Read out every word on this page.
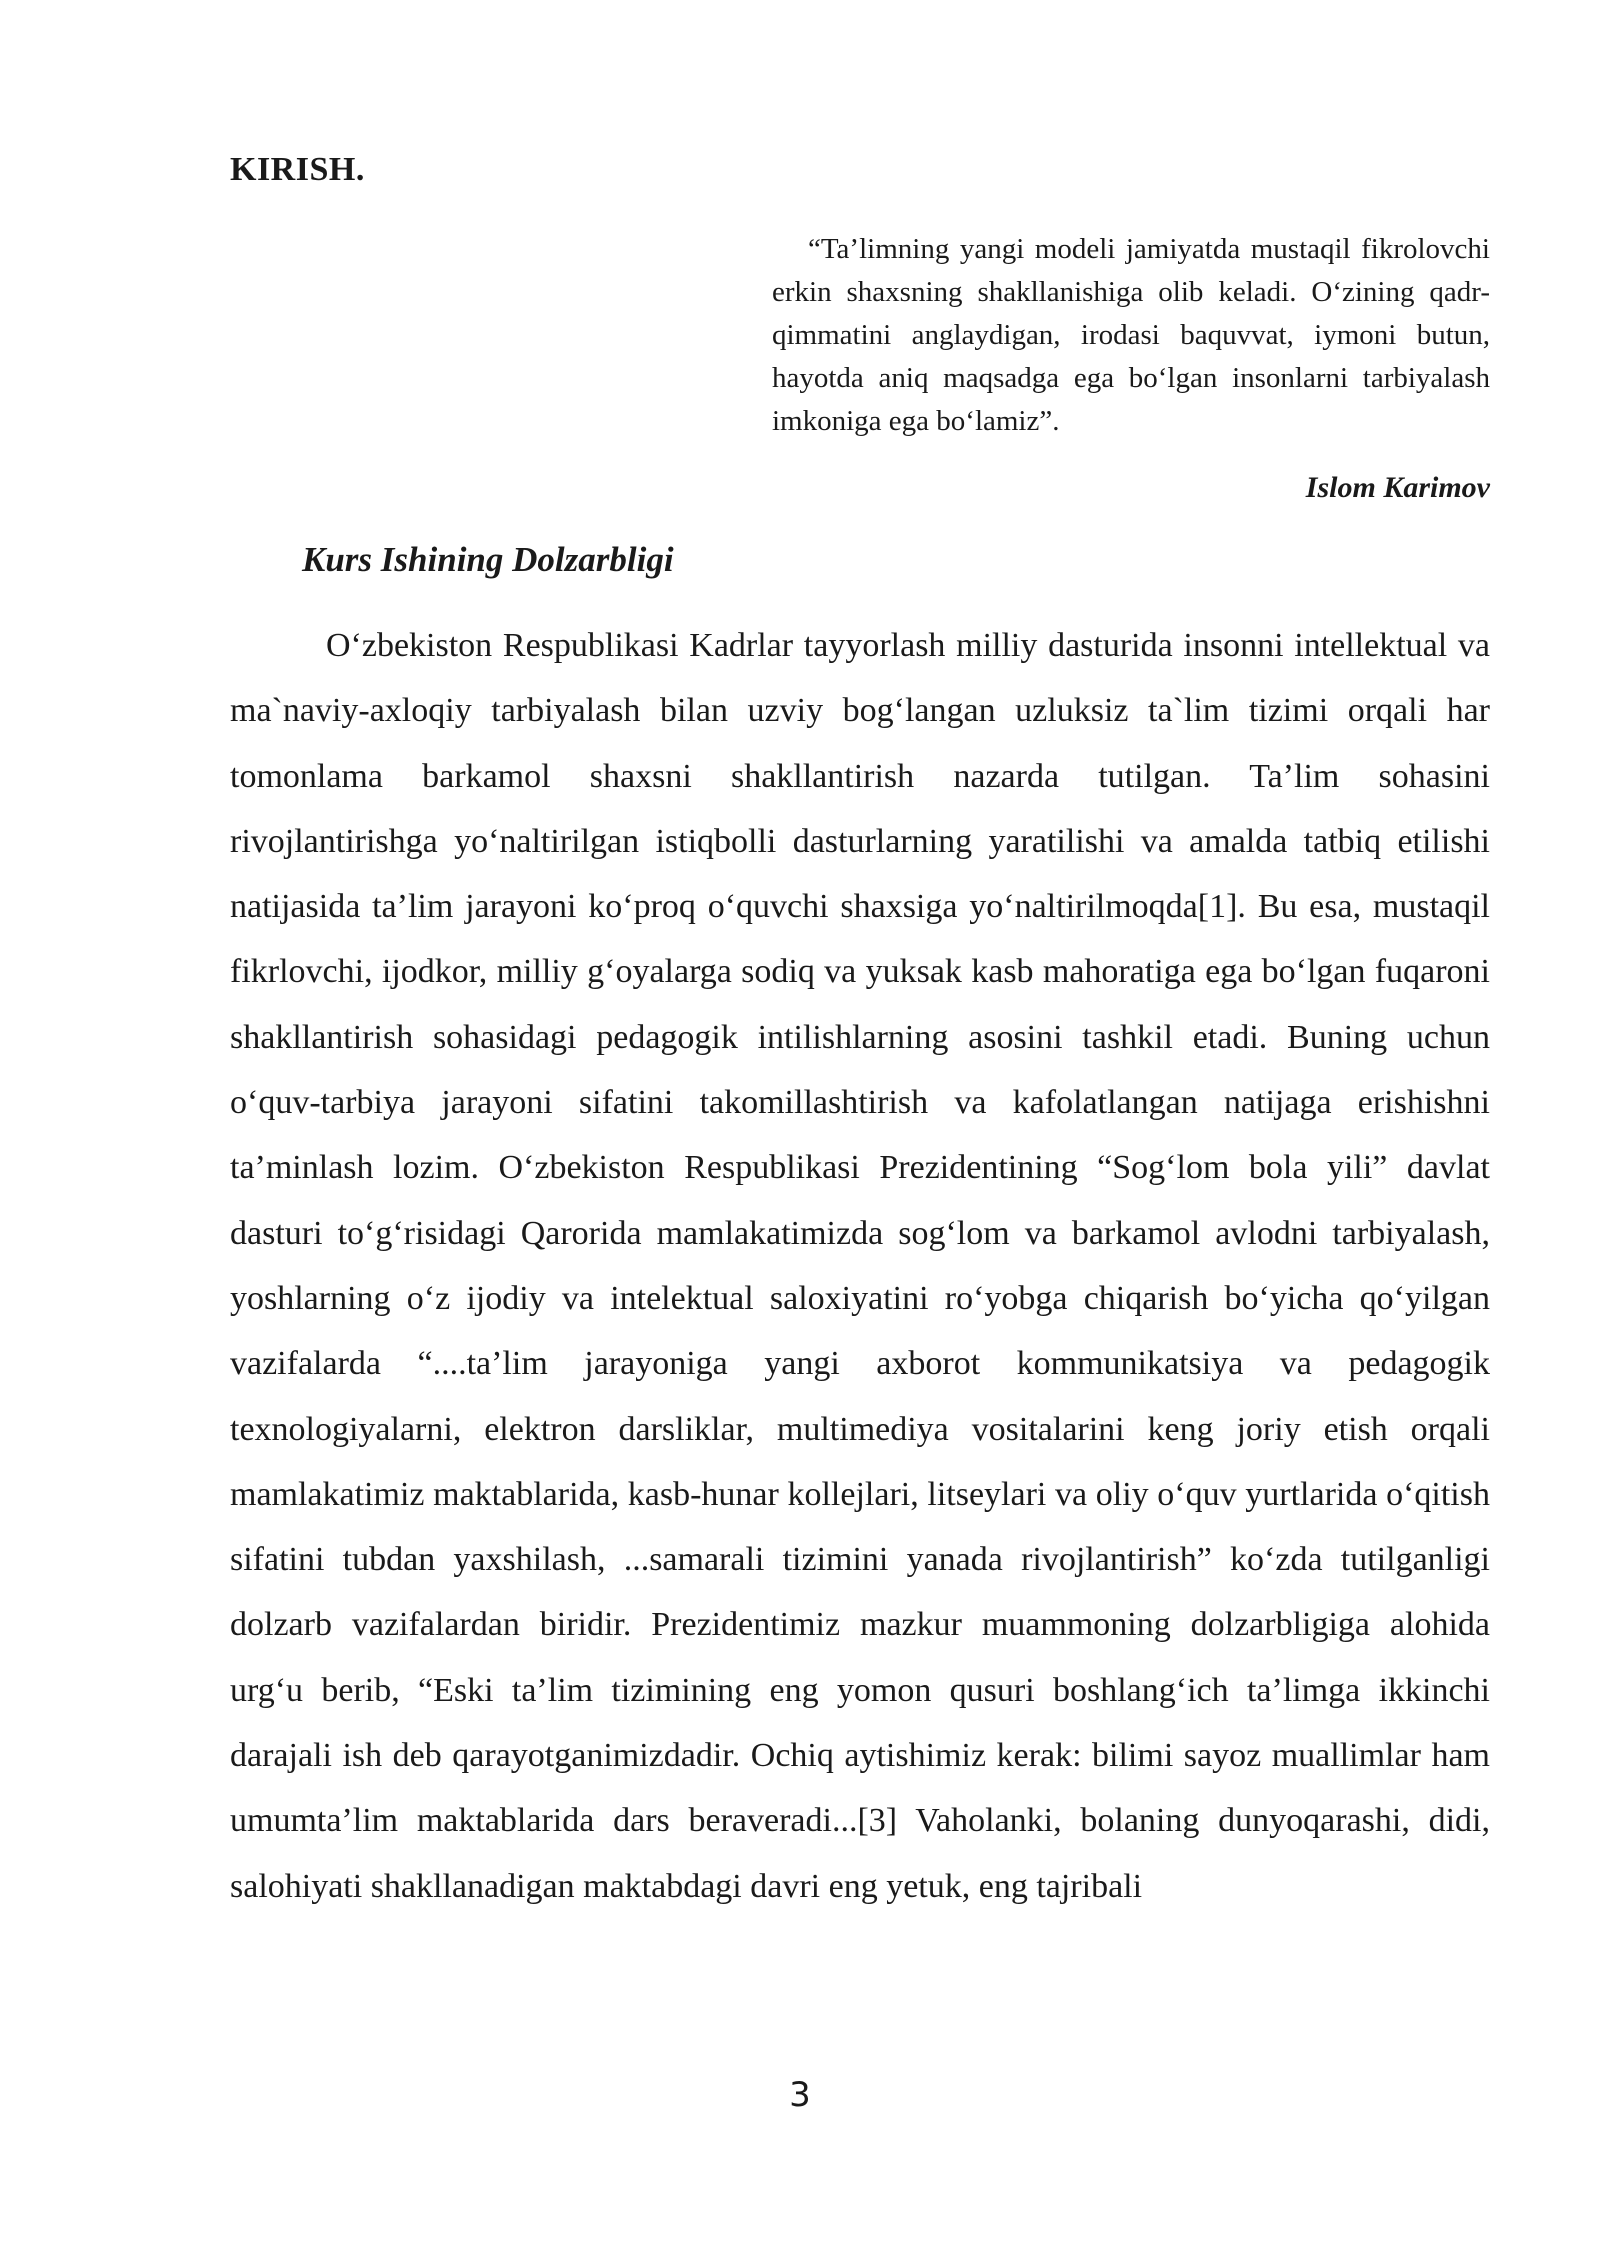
KIRISH.

“Ta’limning yangi modeli jamiyatda mustaqil fikrolovchi erkin shaxsning shakllanishiga olib keladi. O‘zining qadr-qimmatini anglaydigan, irodasi baquvvat, iymoni butun, hayotda aniq maqsadga ega bo‘lgan insonlarni tarbiyalash imkoniga ega bo‘lamiz”.

Islom Karimov

Kurs Ishining Dolzarbligi

O‘zbekiston Respublikasi Kadrlar tayyorlash milliy dasturida insonni intellektual va ma`naviy-axloqiy tarbiyalash bilan uzviy bog‘langan uzluksiz ta`lim tizimi orqali har tomonlama barkamol shaxsni shakllantirish nazarda tutilgan. Ta’lim sohasini rivojlantirishga yo‘naltirilgan istiqbolli dasturlarning yaratilishi va amalda tatbiq etilishi natijasida ta’lim jarayoni ko‘proq o‘quvchi shaxsiga yo‘naltirilmoqda[1]. Bu esa, mustaqil fikrlovchi, ijodkor, milliy g‘oyalarga sodiq va yuksak kasb mahoratiga ega bo‘lgan fuqaroni shakllantirish sohasidagi pedagogik intilishlarning asosini tashkil etadi. Buning uchun o‘quv-tarbiya jarayoni sifatini takomillashtirish va kafolatlangan natijaga erishishni ta’minlash lozim. O‘zbekiston Respublikasi Prezidentining “Sog‘lom bola yili” davlat dasturi to‘g‘risidagi Qarorida mamlakatimizda sog‘lom va barkamol avlodni tarbiyalash, yoshlarning o‘z ijodiy va intelektual saloxiyatini ro‘yobga chiqarish bo‘yicha qo‘yilgan vazifalarda “....ta’lim jarayoniga yangi axborot kommunikatsiya va pedagogik texnologiyalarni, elektron darsliklar, multimediya vositalarini keng joriy etish orqali mamlakatimiz maktablarida, kasb-hunar kollejlari, litseylari va oliy o‘quv yurtlarida o‘qitish sifatini tubdan yaxshilash, ...samarali tizimini yanada rivojlantirish” ko‘zda tutilganligi dolzarb vazifalardan biridir. Prezidentimiz mazkur muammoning dolzarbligiga alohida urg‘u berib, “Eski ta’lim tizimining eng yomon qusuri boshlang‘ich ta’limga ikkinchi darajali ish deb qarayotganimizdadir. Ochiq aytishimiz kerak: bilimi sayoz muallimlar ham umumta’lim maktablarida dars beraveradi...[3] Vaholanki, bolaning dunyoqarashi, didi, salohiyati shakllanadigan maktabdagi davri eng yetuk, eng tajribali

3
